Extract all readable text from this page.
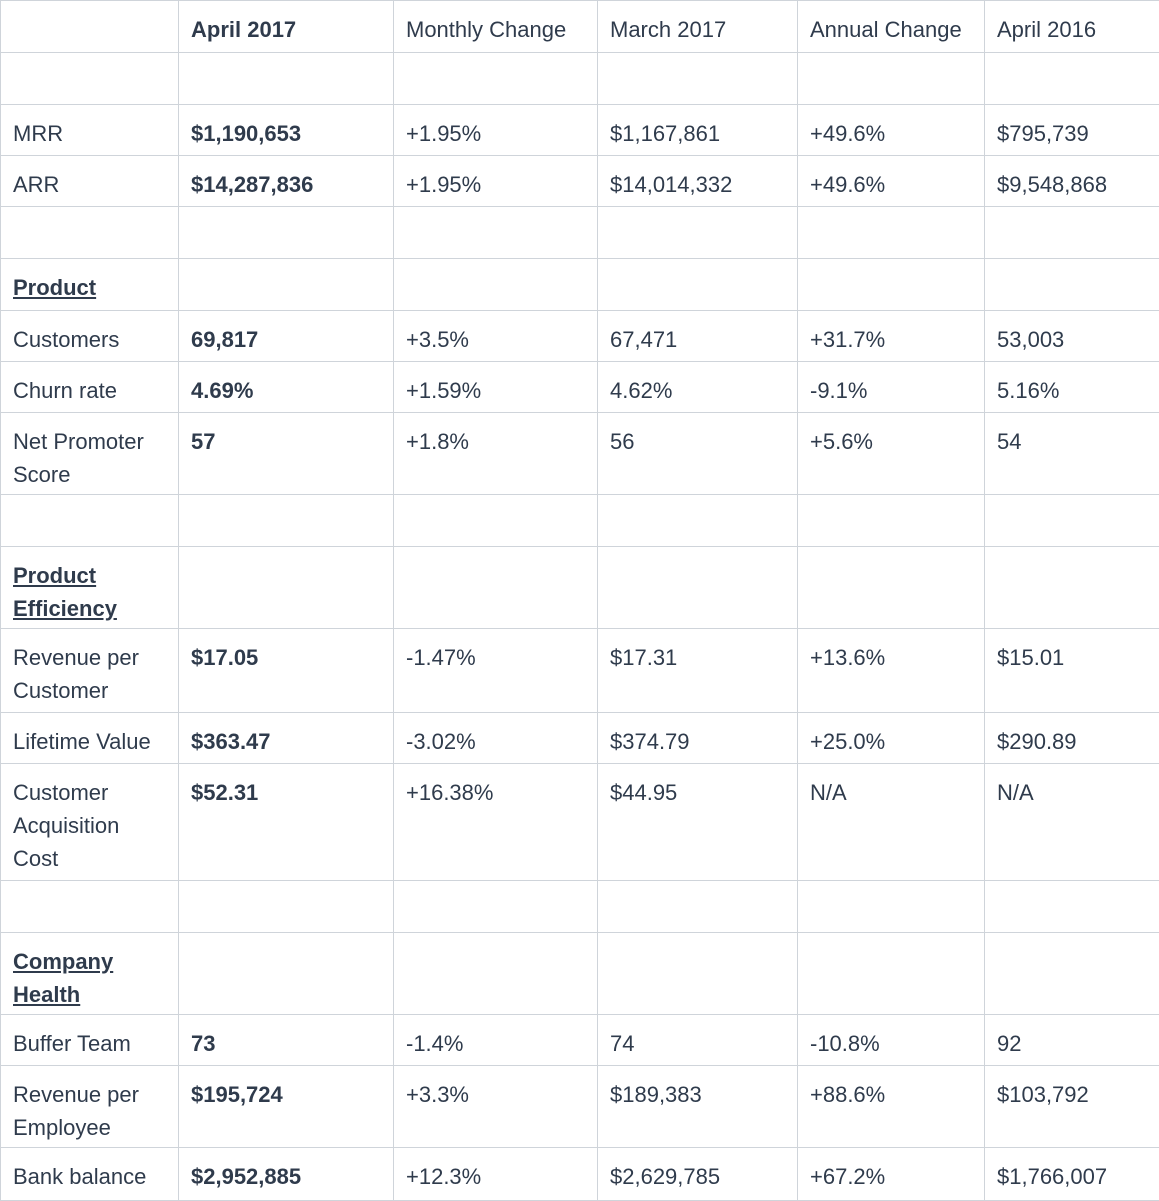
	April 2017	Monthly Change	March 2017	Annual Change	April 2016

MRR	$1,190,653	+1.95%	$1,167,861	+49.6%	$795,739
ARR	$14,287,836	+1.95%	$14,014,332	+49.6%	$9,548,868

Product					
Customers	69,817	+3.5%	67,471	+31.7%	53,003
Churn rate	4.69%	+1.59%	4.62%	-9.1%	5.16%
Net Promoter Score	57	+1.8%	56	+5.6%	54

Product Efficiency					
Revenue per Customer	$17.05	-1.47%	$17.31	+13.6%	$15.01
Lifetime Value	$363.47	-3.02%	$374.79	+25.0%	$290.89
Customer Acquisition Cost	$52.31	+16.38%	$44.95	N/A	N/A

Company Health					
Buffer Team	73	-1.4%	74	-10.8%	92
Revenue per Employee	$195,724	+3.3%	$189,383	+88.6%	$103,792
Bank balance	$2,952,885	+12.3%	$2,629,785	+67.2%	$1,766,007
